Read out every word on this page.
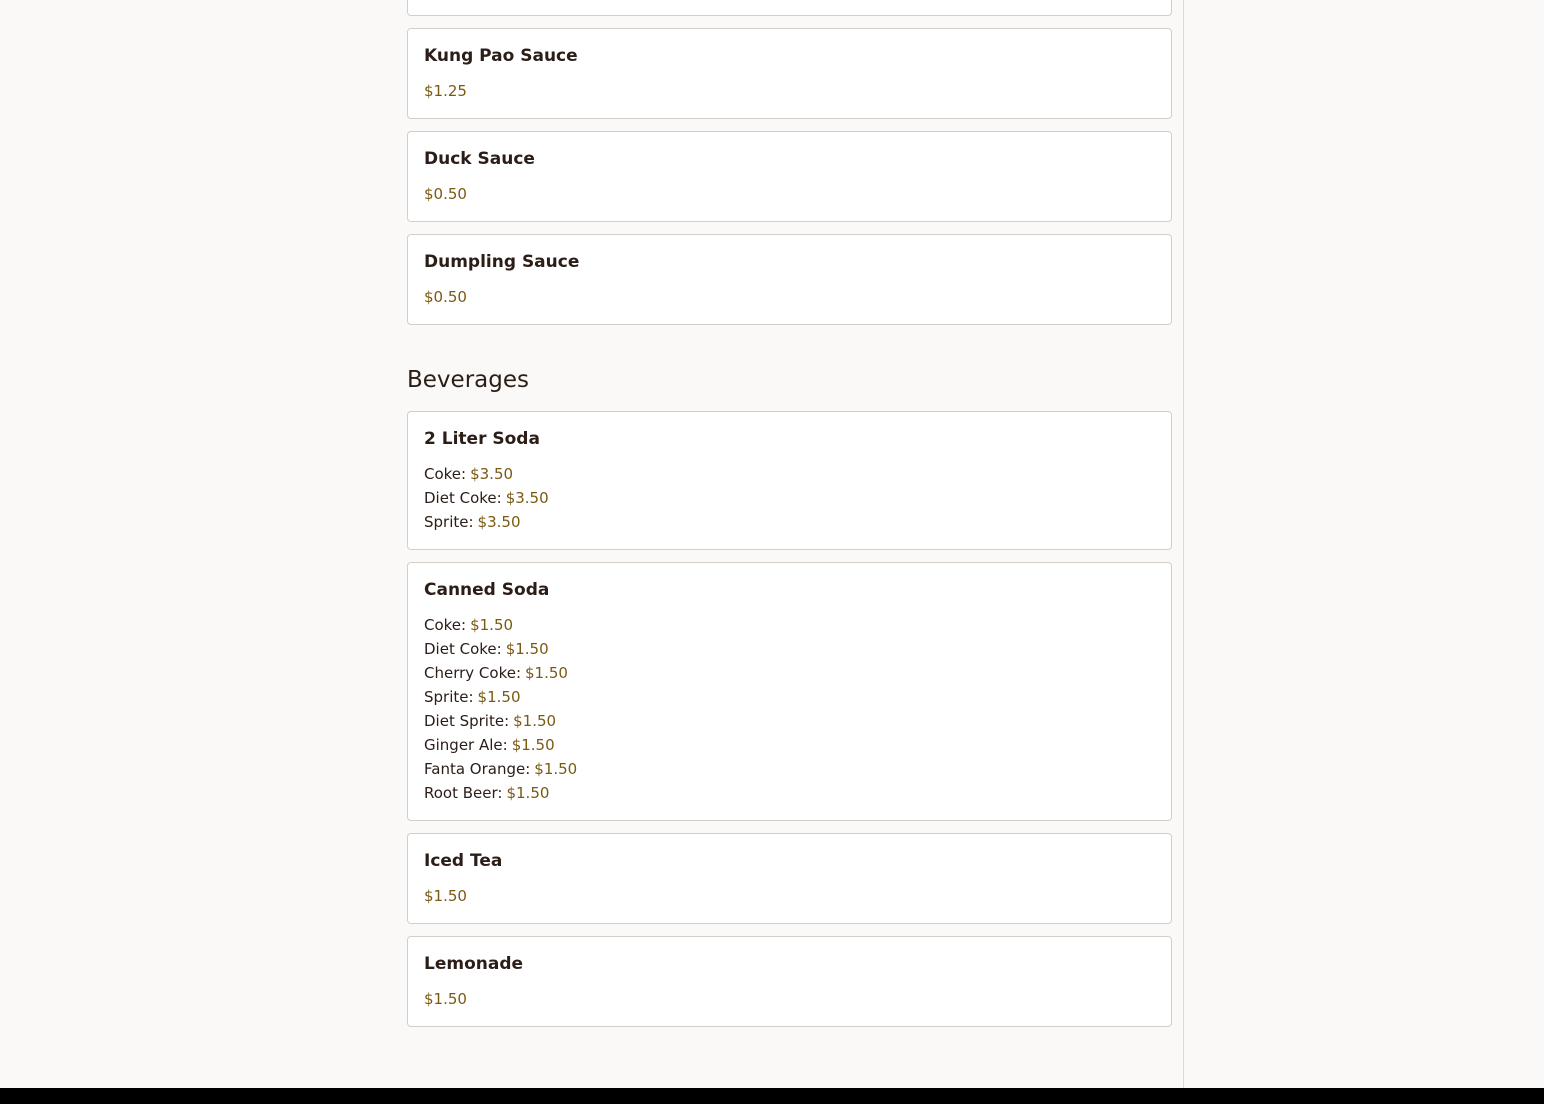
Kung Pao Sauce
$1.25
Duck Sauce
$0.50
Dumpling Sauce
$0.50
Beverages
2 Liter Soda
Coke: $3.50
Diet Coke: $3.50
Sprite: $3.50
Canned Soda
Coke: $1.50
Diet Coke: $1.50
Cherry Coke: $1.50
Sprite: $1.50
Diet Sprite: $1.50
Ginger Ale: $1.50
Fanta Orange: $1.50
Root Beer: $1.50
Iced Tea
$1.50
Lemonade
$1.50
